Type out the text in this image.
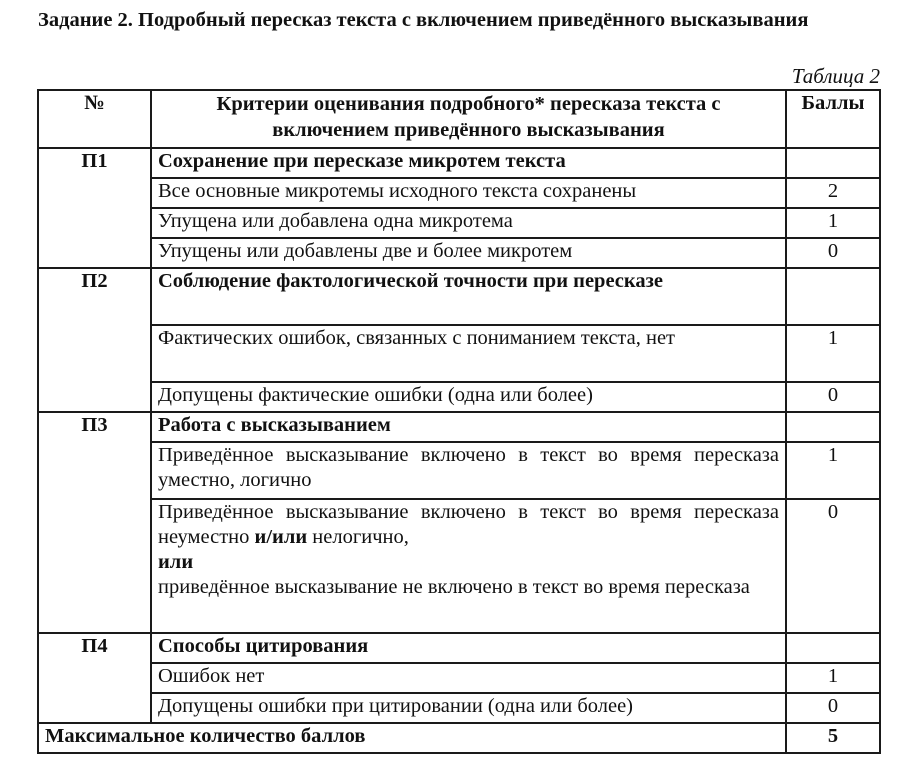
Задание 2. Подробный пересказ текста с включением приведённого высказывания
Таблица 2
№	Критерии оценивания подробного* пересказа текста с включением приведённого высказывания	Баллы
П1	Сохранение при пересказе микротем текста	
	Все основные микротемы исходного текста сохранены	2
	Упущена или добавлена одна микротема	1
	Упущены или добавлены две и более микротем	0
П2	Соблюдение фактологической точности при пересказе	
	Фактических ошибок, связанных с пониманием текста, нет	1
	Допущены фактические ошибки (одна или более)	0
П3	Работа с высказыванием	
	Приведённое высказывание включено в текст во время пересказа уместно, логично	1

	Приведённое высказывание включено в текст во время пересказа неуместно и/или нелогично,
или
приведённое высказывание не включено в текст во время пересказа	0
П4	Способы цитирования	
	Ошибок нет	1
	Допущены ошибки при цитировании (одна или более)	0
Максимальное количество баллов		5
